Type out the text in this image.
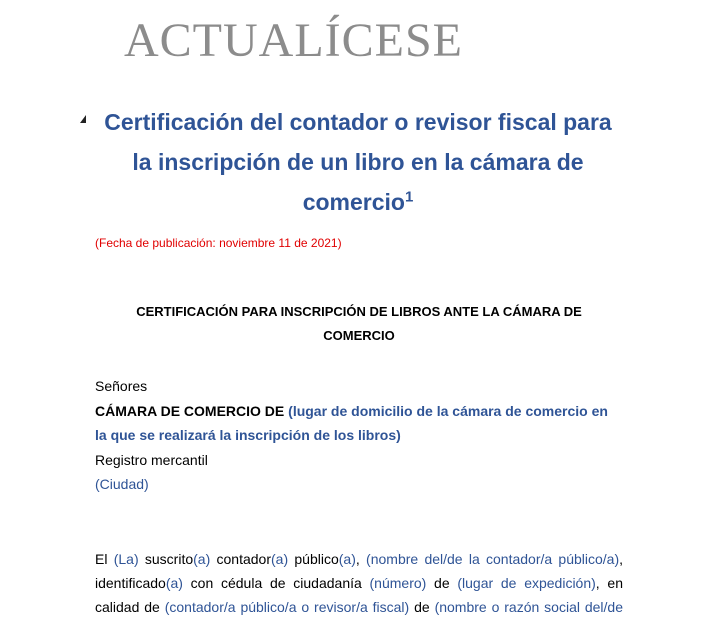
ACTUALÍCESE
Certificación del contador o revisor fiscal para
la inscripción de un libro en la cámara de
comercio$^1$
(Fecha de publicación: noviembre 11 de 2021)
CERTIFICACIÓN PARA INSCRIPCIÓN DE LIBROS ANTE LA CÁMARA DE
COMERCIO
Señores
CÁMARA DE COMERCIO DE (lugar de domicilio de la cámara de comercio en
la que se realizará la inscripción de los libros)
Registro mercantil
(Ciudad)
El (La) suscrito(a) contador(a) público(a), (nombre del/de la contador/a público/a),
identificado(a) con cédula de ciudadanía (número) de (lugar de expedición), en
calidad de (contador/a público/a o revisor/a fiscal) de (nombre o razón social del/de
